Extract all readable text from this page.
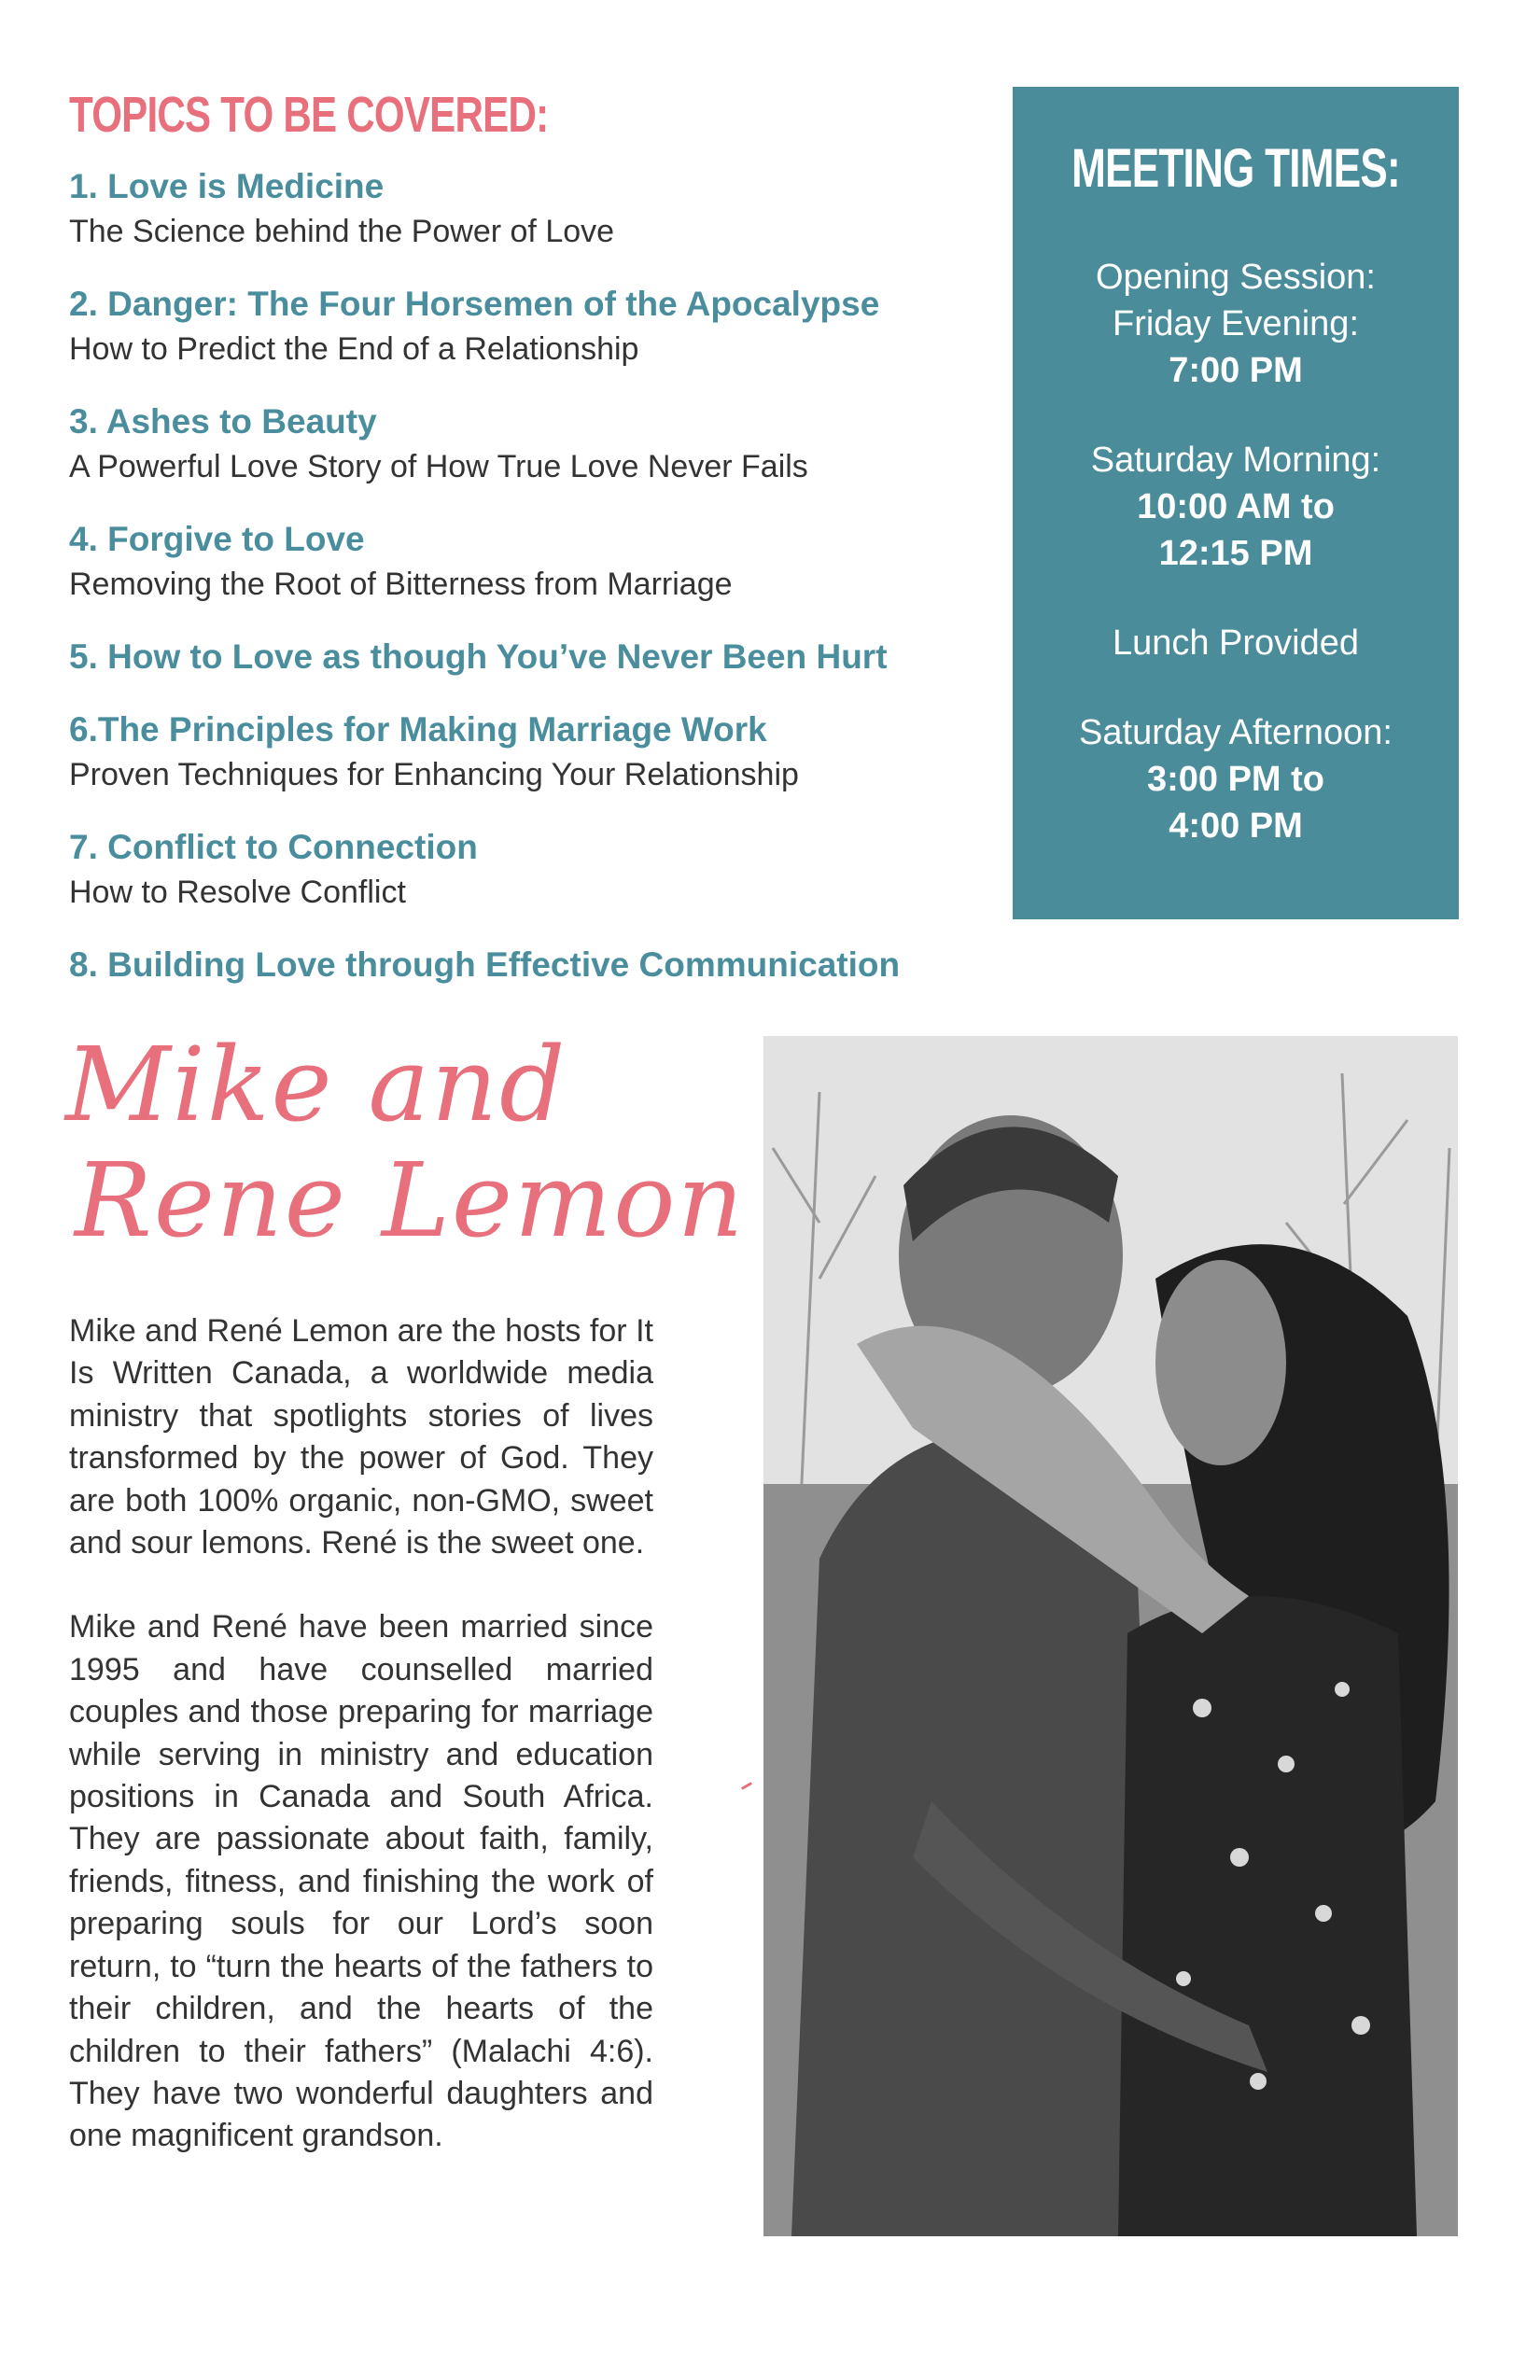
TOPICS TO BE COVERED:
1. Love is Medicine
The Science behind the Power of Love
2. Danger: The Four Horsemen of the Apocalypse
How to Predict the End of a Relationship
3. Ashes to Beauty
A Powerful Love Story of How True Love Never Fails
4. Forgive to Love
Removing the Root of Bitterness from Marriage
5. How to Love as though You’ve Never Been Hurt
6.The Principles for Making Marriage Work
Proven Techniques for Enhancing Your Relationship
7. Conflict to Connection
How to Resolve Conflict
8. Building Love through Effective Communication
MEETING TIMES:
Opening Session:
Friday Evening:
7:00 PM
Saturday Morning:
10:00 AM to
12:15 PM
Lunch Provided
Saturday Afternoon:
3:00 PM to
4:00 PM
Mike and
Rene Lemon

Mike and René Lemon are the hosts for It Is Written Canada, a worldwide media ministry that spotlights stories of lives transformed by the power of God. They are both 100% organic, non-GMO, sweet and sour lemons. René is the sweet one.

Mike and René have been married since 1995 and have counselled married couples and those preparing for marriage while serving in ministry and education positions in Canada and South Africa. They are passionate about faith, family, friends, fitness, and finishing the work of preparing souls for our Lord’s soon return, to “turn the hearts of the fathers to their children, and the hearts of the children to their fathers” (Malachi 4:6). They have two wonderful daughters and one magnificent grandson.
